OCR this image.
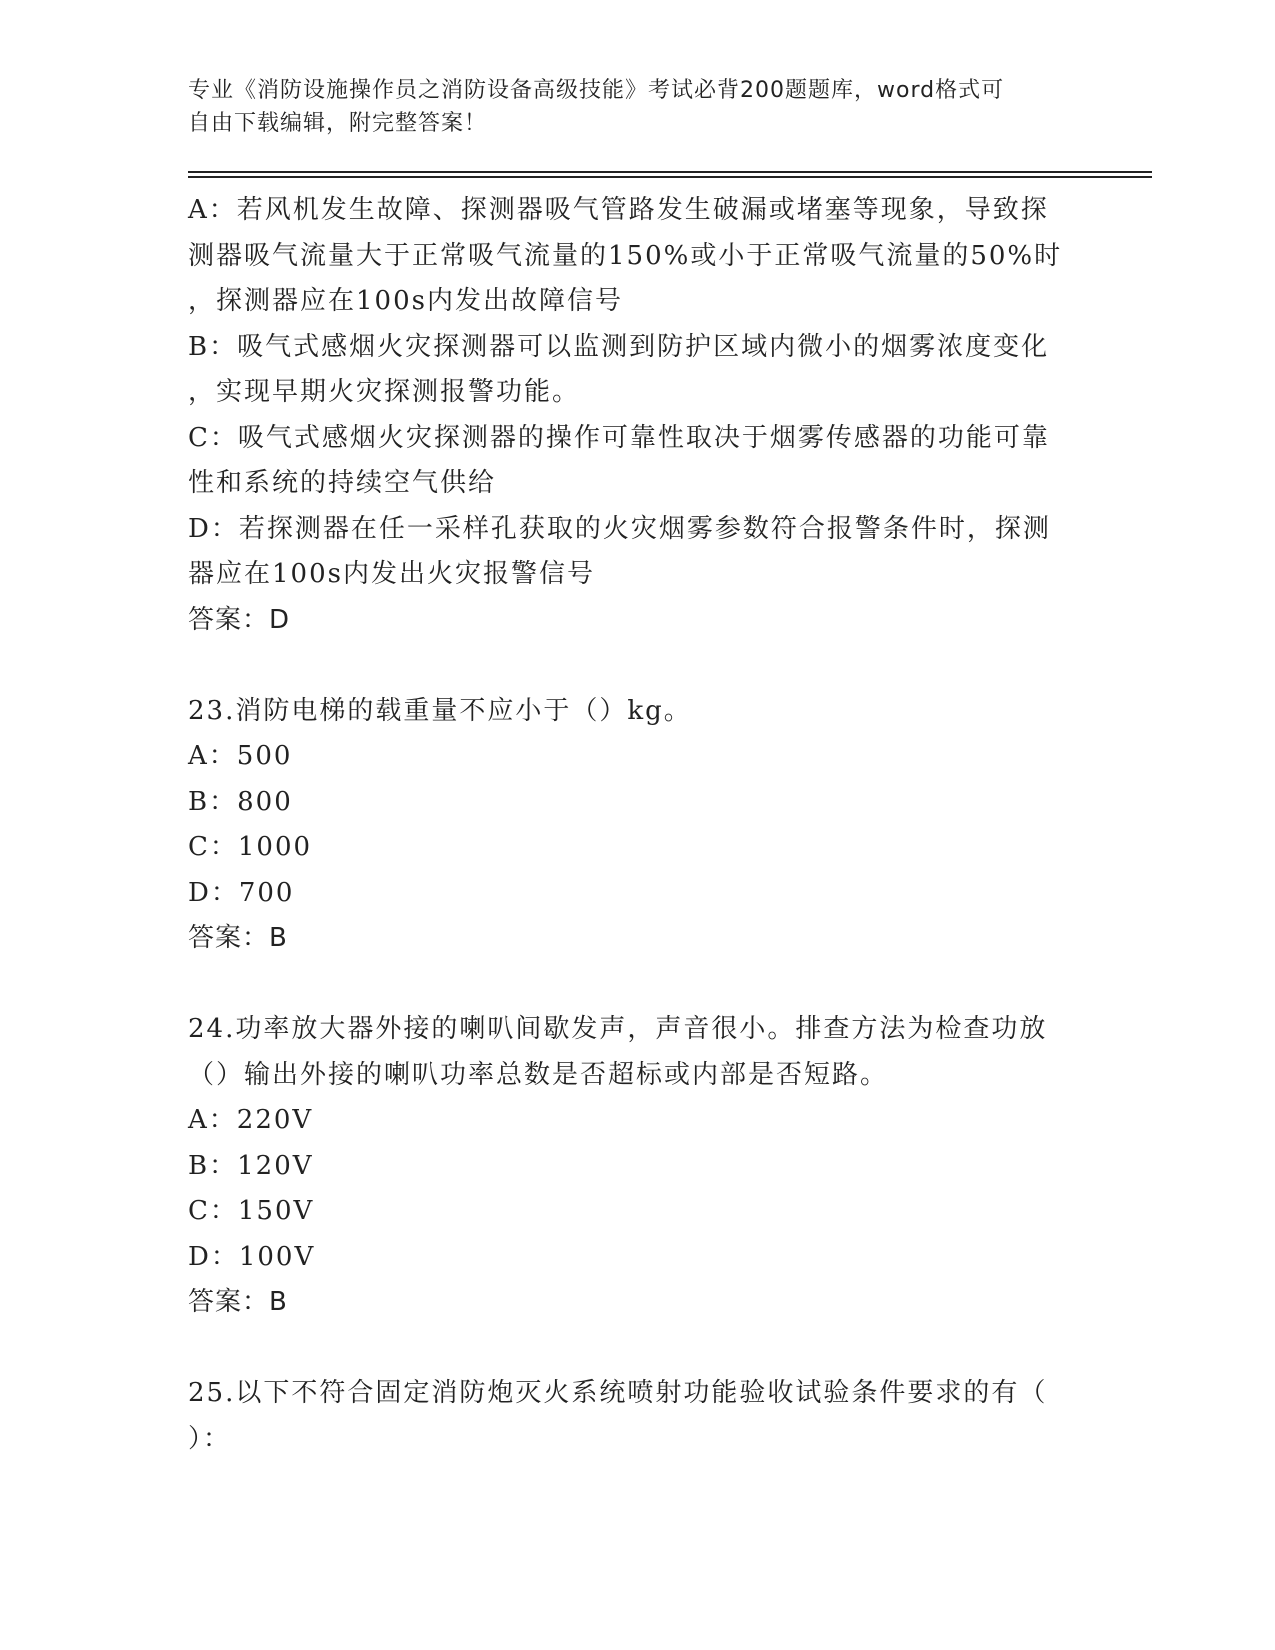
专业《消防设施操作员之消防设备高级技能》考试必背200题题库，word格式可
自由下载编辑，附完整答案！
A：若风机发生故障、探测器吸气管路发生破漏或堵塞等现象，导致探
测器吸气流量大于正常吸气流量的150%或小于正常吸气流量的50%时
，探测器应在100s内发出故障信号
B：吸气式感烟火灾探测器可以监测到防护区域内微小的烟雾浓度变化
，实现早期火灾探测报警功能。
C：吸气式感烟火灾探测器的操作可靠性取决于烟雾传感器的功能可靠
性和系统的持续空气供给
D：若探测器在任一采样孔获取的火灾烟雾参数符合报警条件时，探测
器应在100s内发出火灾报警信号
答案：D
23.消防电梯的载重量不应小于（）kg。
A：500
B：800
C：1000
D：700
答案：B
24.功率放大器外接的喇叭间歇发声，声音很小。排查方法为检查功放
（）输出外接的喇叭功率总数是否超标或内部是否短路。
A：220V
B：120V
C：150V
D：100V
答案：B
25.以下不符合固定消防炮灭火系统喷射功能验收试验条件要求的有（
）：
